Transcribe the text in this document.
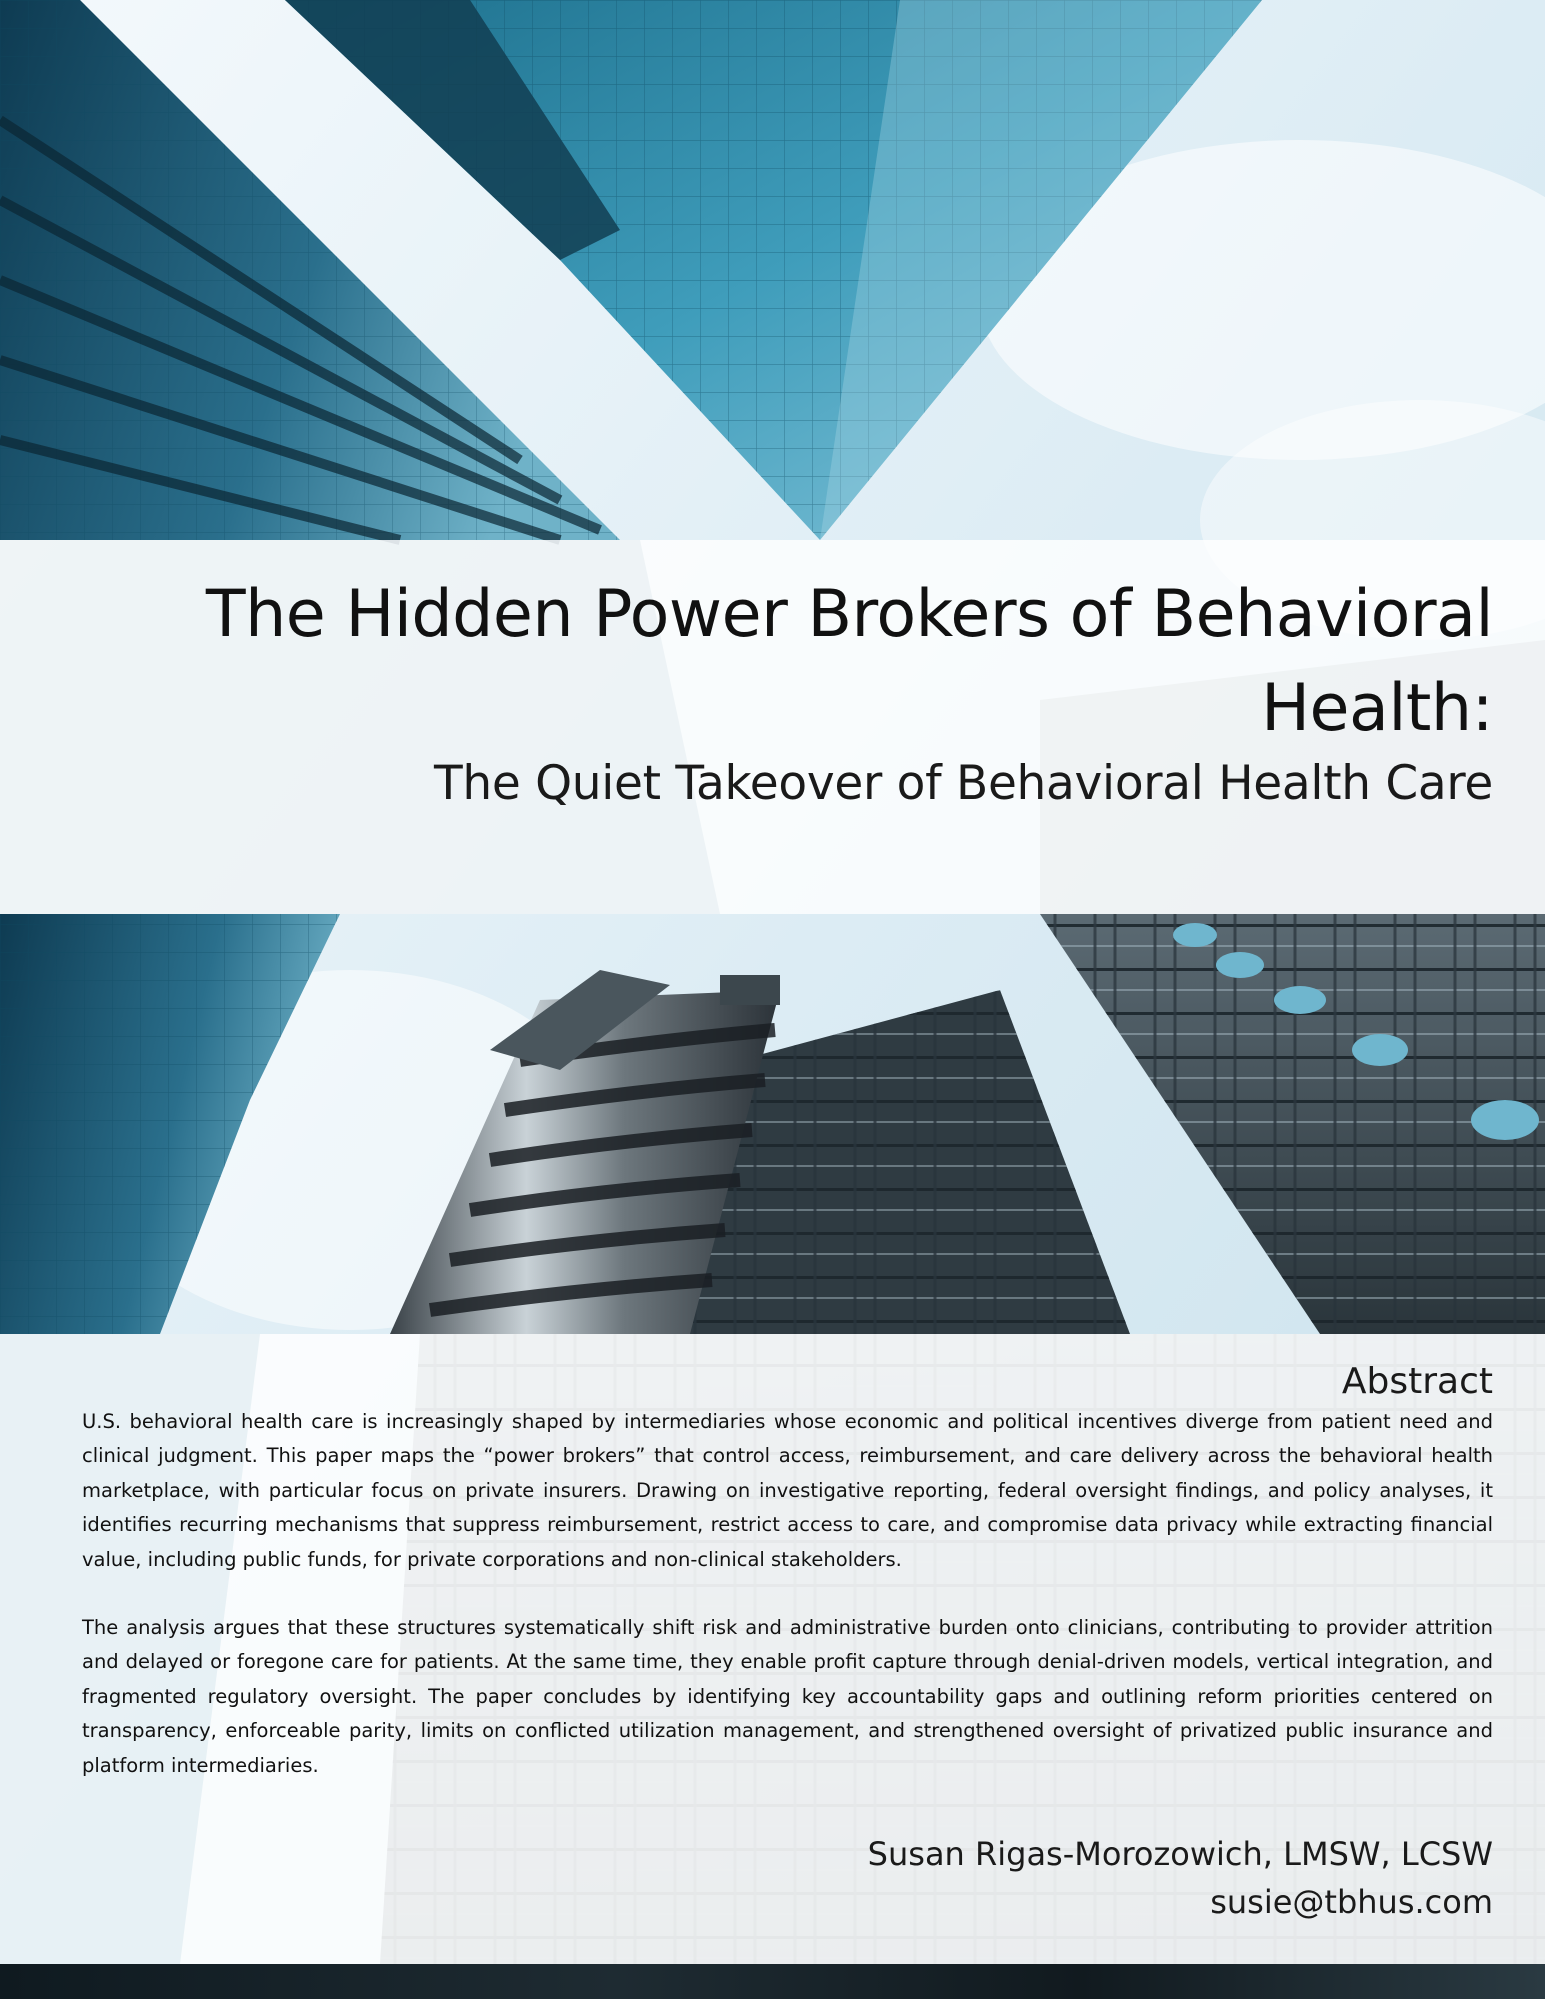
The Hidden Power Brokers of Behavioral Health:
The Quiet Takeover of Behavioral Health Care
Abstract

U.S. behavioral health care is increasingly shaped by intermediaries whose economic and political incentives diverge from patient need and clinical judgment. This paper maps the “power brokers” that control access, reimbursement, and care delivery across the behavioral health marketplace, with particular focus on private insurers. Drawing on investigative reporting, federal oversight findings, and policy analyses, it identifies recurring mechanisms that suppress reimbursement, restrict access to care, and compromise data privacy while extracting financial value, including public funds, for private corporations and non-clinical stakeholders.

The analysis argues that these structures systematically shift risk and administrative burden onto clinicians, contributing to provider attrition and delayed or foregone care for patients. At the same time, they enable profit capture through denial-driven models, vertical integration, and fragmented regulatory oversight. The paper concludes by identifying key accountability gaps and outlining reform priorities centered on transparency, enforceable parity, limits on conflicted utilization management, and strengthened oversight of privatized public insurance and platform intermediaries.

Susan Rigas-Morozowich, LMSW, LCSW
susie@tbhus.com
